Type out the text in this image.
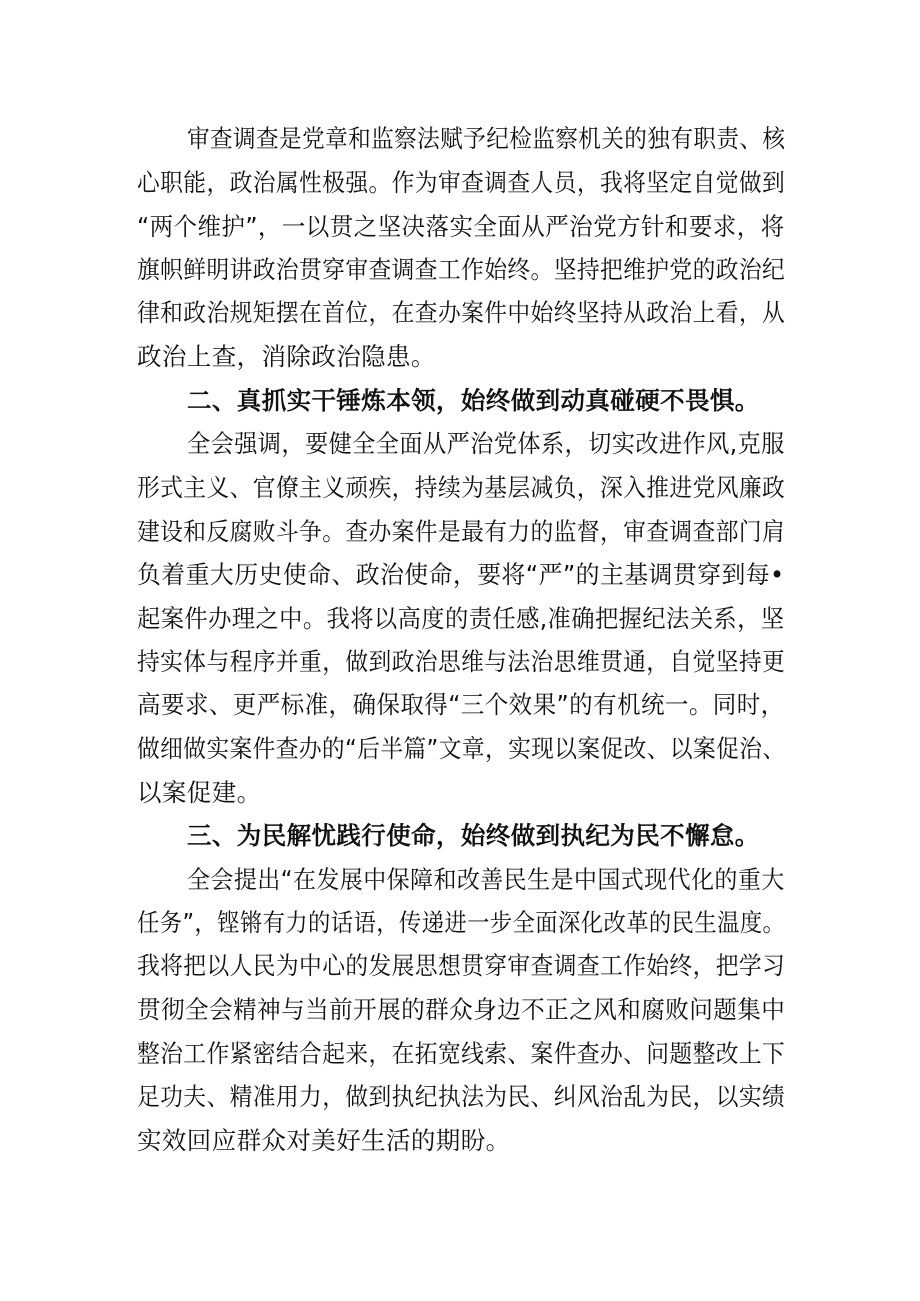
审查调查是党章和监察法赋予纪检监察机关的独有职责、核
心职能，政治属性极强。作为审查调查人员，我将坚定自觉做到
“两个维护”，一以贯之坚决落实全面从严治党方针和要求，将
旗帜鲜明讲政治贯穿审查调查工作始终。坚持把维护党的政治纪
律和政治规矩摆在首位，在查办案件中始终坚持从政治上看，从
政治上查，消除政治隐患。
二、真抓实干锤炼本领，始终做到动真碰硬不畏惧。
全会强调，要健全全面从严治党体系，切实改进作风,克服
形式主义、官僚主义顽疾，持续为基层减负，深入推进党风廉政
建设和反腐败斗争。查办案件是最有力的监督，审查调查部门肩
负着重大历史使命、政治使命，要将“严”的主基调贯穿到每•
起案件办理之中。我将以高度的责任感,准确把握纪法关系，坚
持实体与程序并重，做到政治思维与法治思维贯通，自觉坚持更
高要求、更严标准，确保取得“三个效果”的有机统一。同时，
做细做实案件查办的“后半篇”文章，实现以案促改、以案促治、
以案促建。
三、为民解忧践行使命，始终做到执纪为民不懈怠。
全会提出“在发展中保障和改善民生是中国式现代化的重大
任务”，铿锵有力的话语，传递进一步全面深化改革的民生温度。
我将把以人民为中心的发展思想贯穿审查调查工作始终，把学习
贯彻全会精神与当前开展的群众身边不正之风和腐败问题集中
整治工作紧密结合起来，在拓宽线索、案件查办、问题整改上下
足功夫、精准用力，做到执纪执法为民、纠风治乱为民，以实绩
实效回应群众对美好生活的期盼。
